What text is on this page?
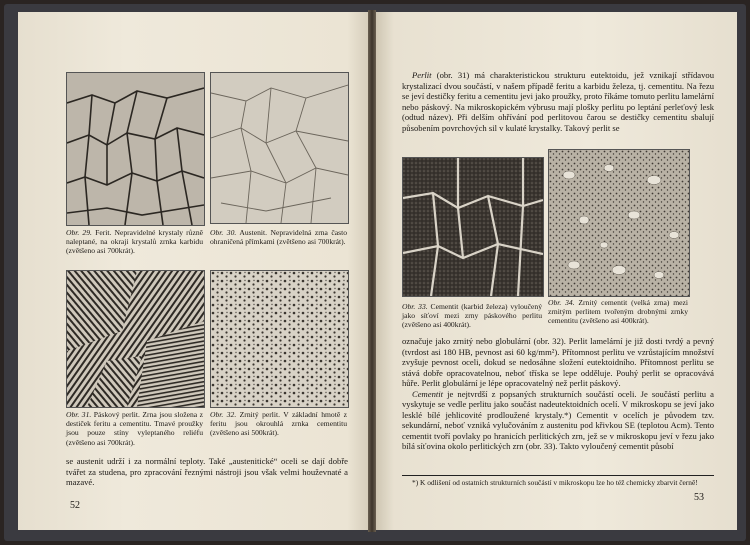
Obr. 29. Ferit. Nepravidelné krystaly různě naleptané, na okraji krystalů zrnka karbidu (zvětšeno asi 700krát).
Obr. 30. Austenit. Nepravidelná zrna často ohraničená přímkami (zvětšeno asi 700krát).
Obr. 31. Páskový perlit. Zrna jsou složena z destiček feritu a cementitu. Tmavé proužky jsou pouze stíny vyleptaného reliéfu (zvětšeno asi 700krát).
Obr. 32. Zrnitý perlit. V základní hmotě z feritu jsou okrouhlá zrnka cementitu (zvětšeno asi 500krát).

se austenit udrží i za normální teploty. Také „austenitické“ oceli se dají dobře tvářet za studena, pro zpracování řeznými nástroji jsou však velmi houževnaté a mazavé.

52

Perlit (obr. 31) má charakteristickou strukturu eutektoidu, jež vznikají střídavou krystalizací dvou součástí, v našem případě feritu a karbidu železa, tj. cementitu. Na řezu se jeví destičky feritu a cementitu jevi jako proužky, proto říkáme tomuto perlitu lamelární nebo páskový. Na mikroskopickém výbrusu mají plošky perlitu po leptání perleťový lesk (odtud název). Při delším ohřívání pod perlitovou čarou se destičky cementitu sbalují působením povrchových sil v kulaté krystalky. Takový perlit se

Obr. 33. Cementit (karbid železa) vyloučený jako síťoví mezi zrny páskového perlitu (zvětšeno asi 400krát).
Obr. 34. Zrnitý cementit (velká zrna) mezi zrnitým perlitem tvořeným drobnými zrnky cementitu (zvětšeno asi 400krát).

označuje jako zrnitý nebo globulární (obr. 32). Perlit lamelární je již dosti tvrdý a pevný (tvrdost asi 180 HB, pevnost asi 60 kg/mm²). Přítomnost perlitu ve vzrůstajícím množství zvyšuje pevnost oceli, dokud se nedosáhne složení eutektoidního. Přítomnost perlitu se stává dobře opracovatelnou, neboť tříska se lepe odděluje. Pouhý perlit se opracovává hůře. Perlit globulární je lépe opracovatelný než perlit páskový.

Cementit je nejtvrdší z popsaných strukturních součástí oceli. Je součástí perlitu a vyskytuje se vedle perlitu jako součást nadeutektoidních ocelí. V mikroskopu se jeví jako lesklé bílé jehlicovité prodloužené krystaly.*) Cementit v ocelích je původem tzv. sekundární, neboť vzniká vylučováním z austenitu pod křivkou SE (teplotou Acm). Tento cementit tvoří povlaky po hranicích perlitických zrn, jež se v mikroskopu jeví v řezu jako bílá síťovina okolo perlitických zrn (obr. 33). Takto vyloučený cementit působí

*) K odlišení od ostatních strukturních součástí v mikroskopu lze ho též chemicky zbarvit černě!
53
